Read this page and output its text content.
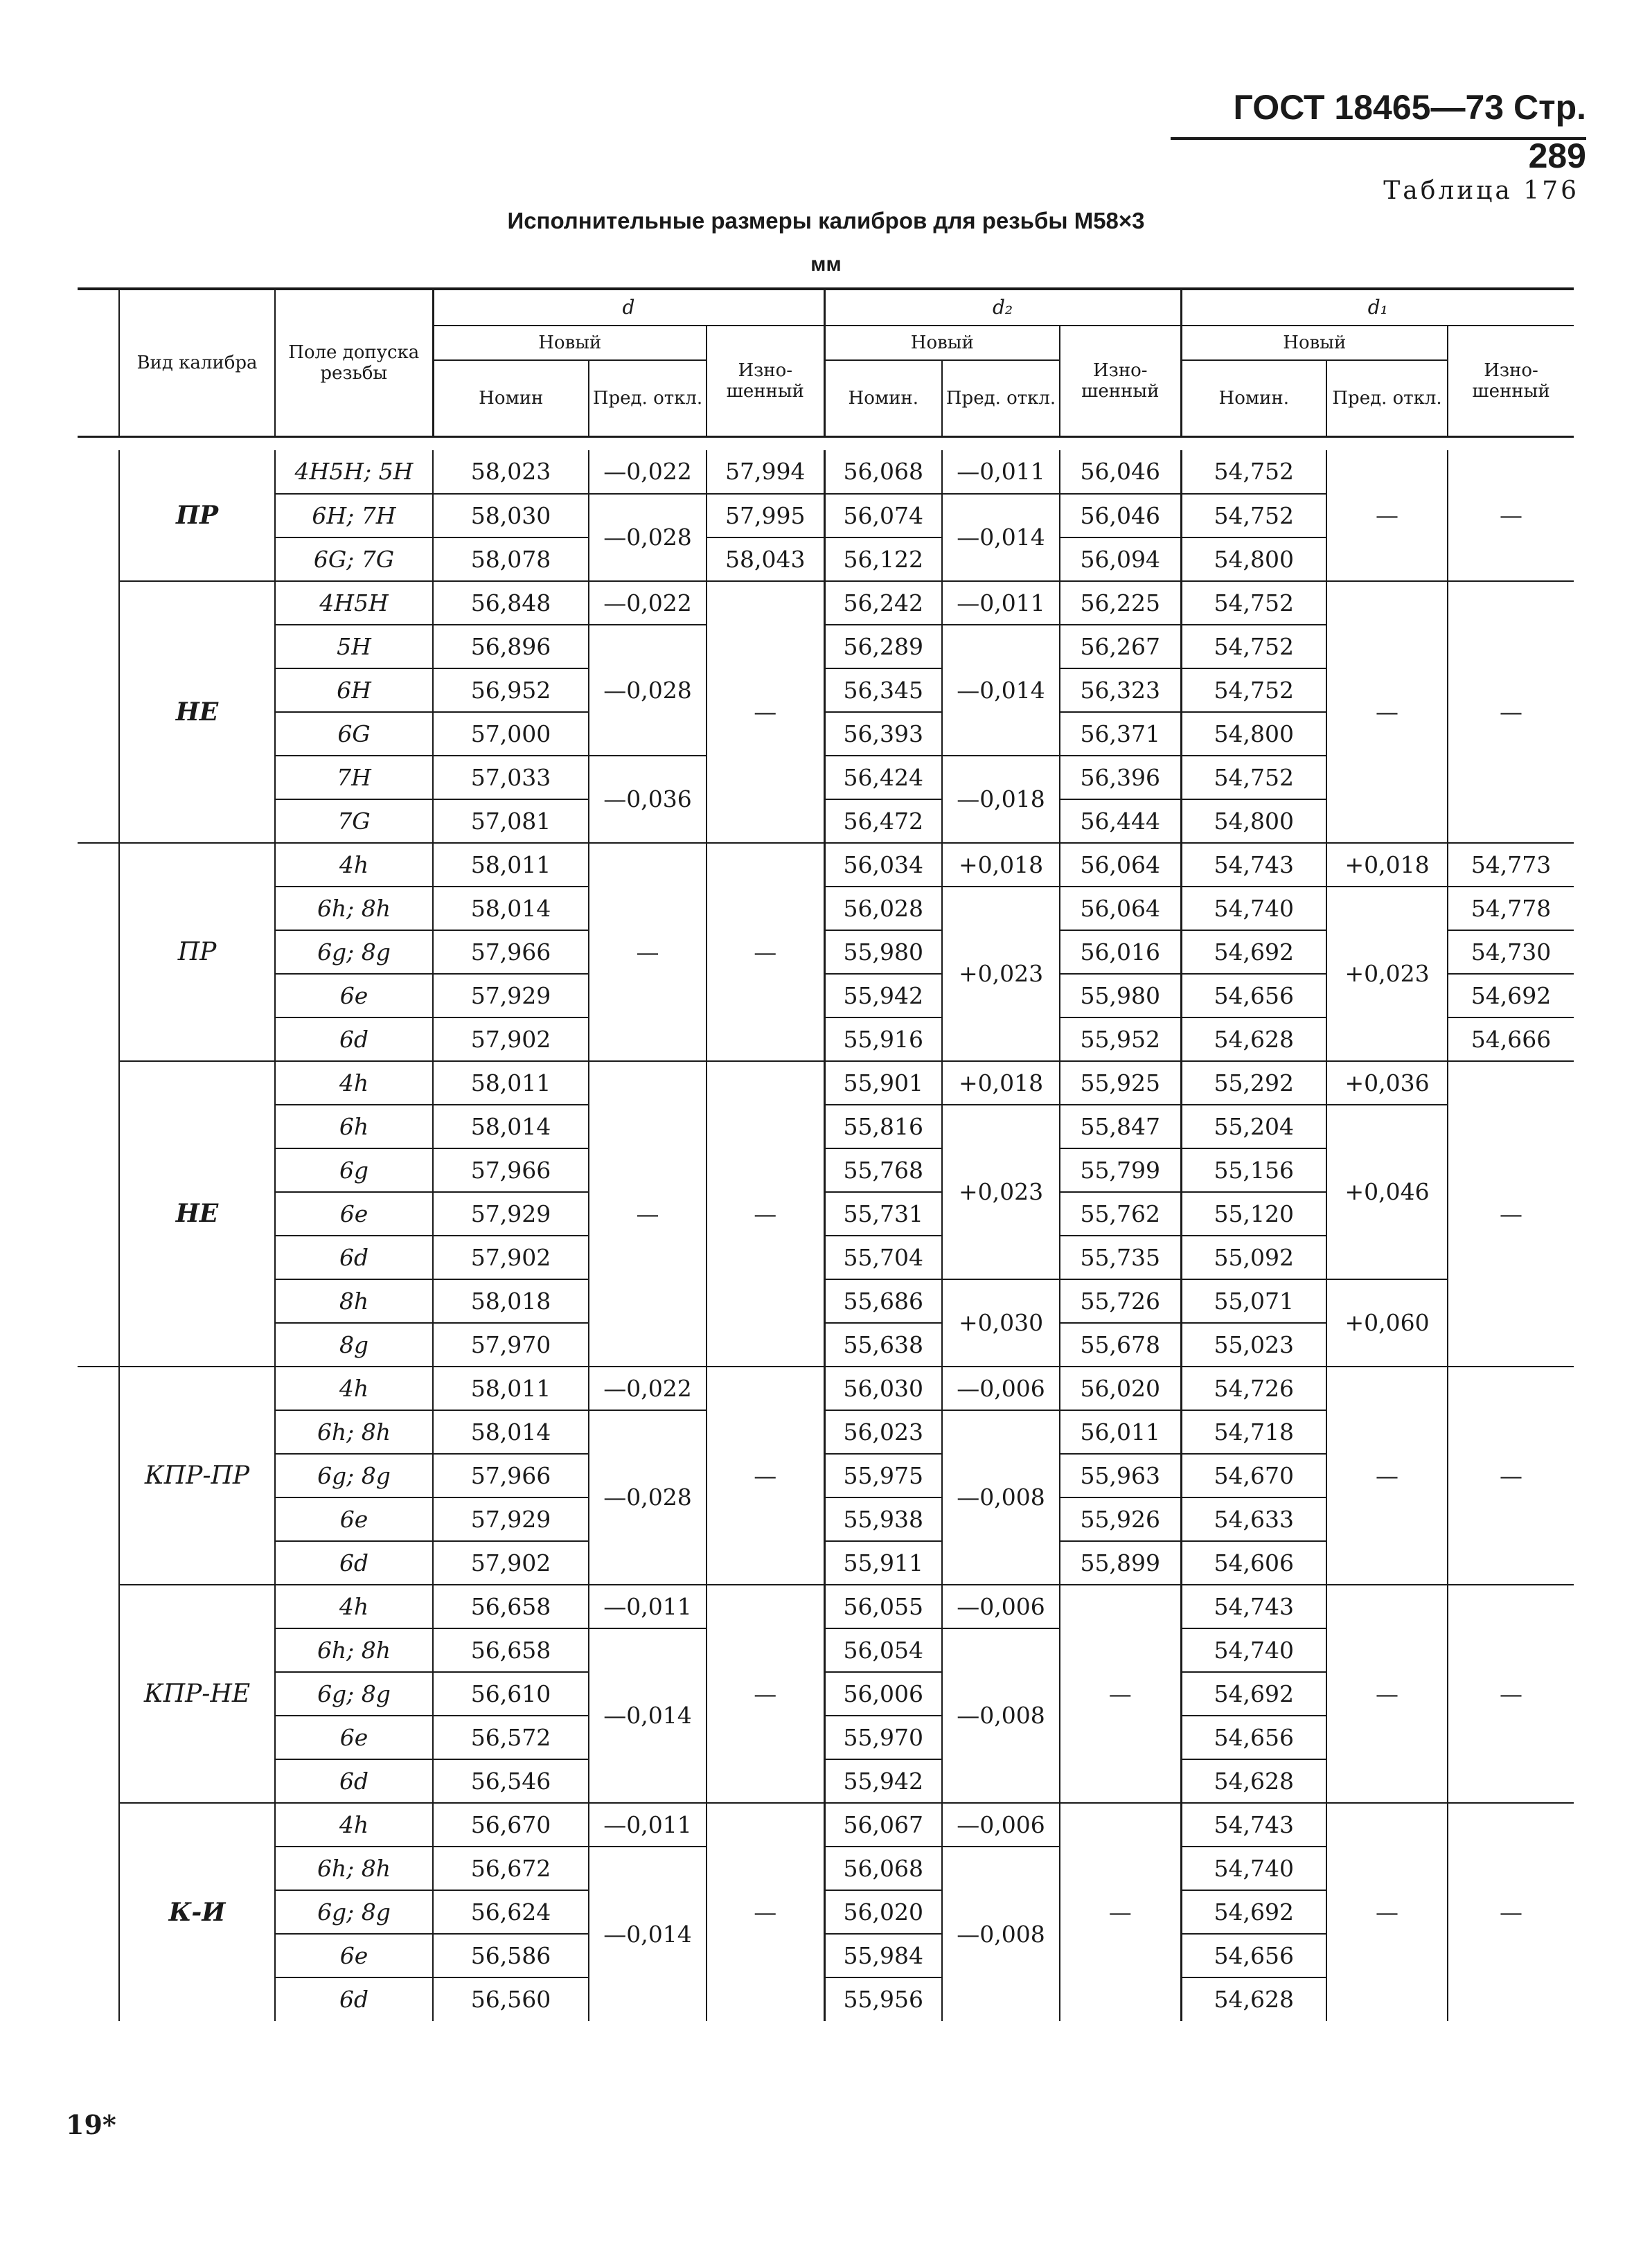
ГОСТ 18465—73 Стр. 289
Таблица 176
Исполнительные размеры калибров для резьбы М58×3
мм
	Вид калибра	Поле допуска резьбы	d			d₂			d₁		
			Новый		Изно-шенный	Новый		Изно-шенный	Новый		Изно-шенный
			Номин	Пред. откл.		Номин.	Пред. откл.		Номин.	Пред. откл.	

	ПР	4H5H; 5H	58,023	—0,022	57,994	56,068	—0,011	56,046	54,752	—	—
		6H; 7H	58,030	—0,028	57,995	56,074	—0,014	56,046	54,752		
		6G; 7G	58,078		58,043	56,122		56,094	54,800		
	НЕ	4H5H	56,848	—0,022	—	56,242	—0,011	56,225	54,752	—	—
		5H	56,896	—0,028		56,289	—0,014	56,267	54,752		
		6H	56,952			56,345		56,323	54,752		
		6G	57,000			56,393		56,371	54,800		
		7H	57,033	—0,036		56,424	—0,018	56,396	54,752		
		7G	57,081			56,472		56,444	54,800		
	ПР	4h	58,011	—	—	56,034	+0,018	56,064	54,743	+0,018	54,773
		6h; 8h	58,014			56,028	+0,023	56,064	54,740	+0,023	54,778
		6g; 8g	57,966			55,980		56,016	54,692		54,730
		6e	57,929			55,942		55,980	54,656		54,692
		6d	57,902			55,916		55,952	54,628		54,666
	НЕ	4h	58,011	—	—	55,901	+0,018	55,925	55,292	+0,036	—
		6h	58,014			55,816	+0,023	55,847	55,204	+0,046	
		6g	57,966			55,768		55,799	55,156		
		6e	57,929			55,731		55,762	55,120		
		6d	57,902			55,704		55,735	55,092		
		8h	58,018			55,686	+0,030	55,726	55,071	+0,060	
		8g	57,970			55,638		55,678	55,023		
	КПР-ПР	4h	58,011	—0,022	—	56,030	—0,006	56,020	54,726	—	—
		6h; 8h	58,014	—0,028		56,023	—0,008	56,011	54,718		
		6g; 8g	57,966			55,975		55,963	54,670		
		6e	57,929			55,938		55,926	54,633		
		6d	57,902			55,911		55,899	54,606		
	КПР-НЕ	4h	56,658	—0,011	—	56,055	—0,006	—	54,743	—	—
		6h; 8h	56,658	—0,014		56,054	—0,008		54,740		
		6g; 8g	56,610			56,006			54,692		
		6e	56,572			55,970			54,656		
		6d	56,546			55,942			54,628		
	К-И	4h	56,670	—0,011	—	56,067	—0,006	—	54,743	—	—
		6h; 8h	56,672	—0,014		56,068	—0,008		54,740		
		6g; 8g	56,624			56,020			54,692		
		6e	56,586			55,984			54,656		
		6d	56,560			55,956			54,628		
19*
